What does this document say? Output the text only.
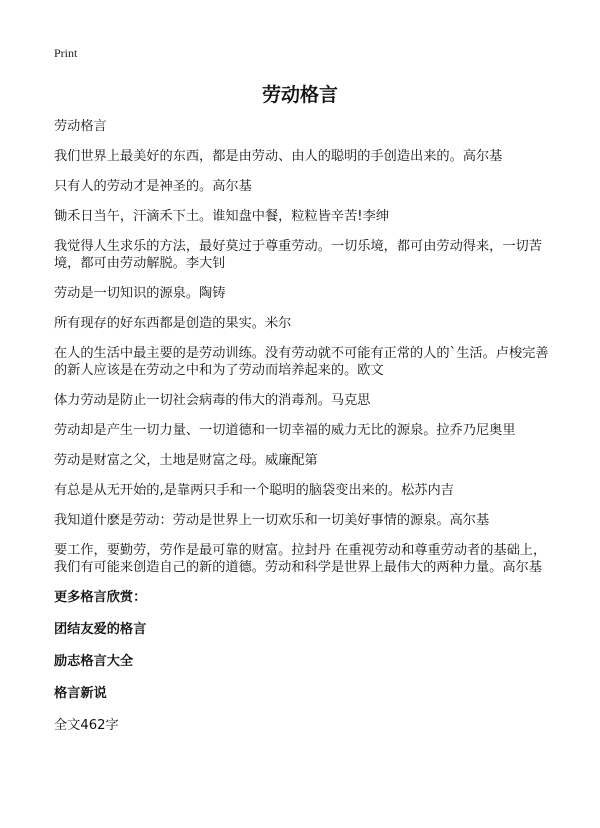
Print
劳动格言

劳动格言

我们世界上最美好的东西，都是由劳动、由人的聪明的手创造出来的。高尔基

只有人的劳动才是神圣的。高尔基

锄禾日当午，汗滴禾下土。谁知盘中餐，粒粒皆辛苦!李绅

我觉得人生求乐的方法，最好莫过于尊重劳动。一切乐境，都可由劳动得来，一切苦境，都可由劳动解脱。李大钊

劳动是一切知识的源泉。陶铸

所有现存的好东西都是创造的果实。米尔

在人的生活中最主要的是劳动训练。没有劳动就不可能有正常的人的`生活。卢梭完善的新人应该是在劳动之中和为了劳动而培养起来的。欧文

体力劳动是防止一切社会病毒的伟大的消毒剂。马克思

劳动却是产生一切力量、一切道德和一切幸福的威力无比的源泉。拉乔乃尼奥里

劳动是财富之父，土地是财富之母。威廉配第

有总是从无开始的,是靠两只手和一个聪明的脑袋变出来的。松苏内吉

我知道什麽是劳动：劳动是世界上一切欢乐和一切美好事情的源泉。高尔基

要工作，要勤劳，劳作是最可靠的财富。拉封丹 在重视劳动和尊重劳动者的基础上，我们有可能来创造自己的新的道德。劳动和科学是世界上最伟大的两种力量。高尔基

更多格言欣赏：

团结友爱的格言
励志格言大全
格言新说

全文462字
